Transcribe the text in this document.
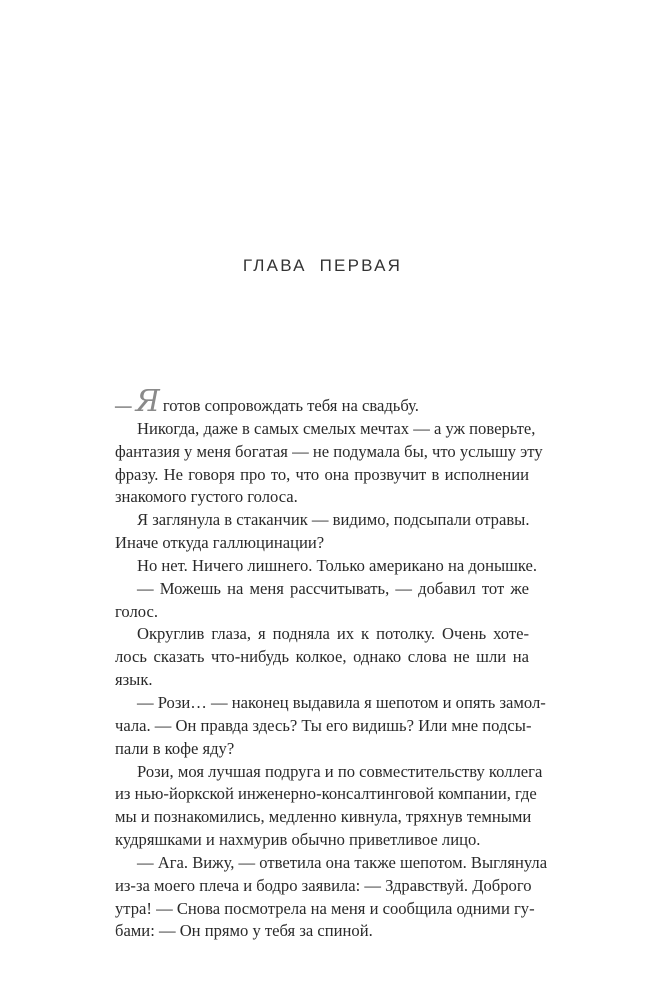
ГЛАВА ПЕРВАЯ
— Я готов сопровождать тебя на свадьбу.
Никогда, даже в самых смелых мечтах — а уж поверьте,
фантазия у меня богатая — не подумала бы, что услышу эту
фразу. Не говоря про то, что она прозвучит в исполнении
знакомого густого голоса.
Я заглянула в стаканчик — видимо, подсыпали отравы.
Иначе откуда галлюцинации?
Но нет. Ничего лишнего. Только американо на донышке.
— Можешь на меня рассчитывать, — добавил тот же
голос.
Округлив глаза, я подняла их к потолку. Очень хоте-
лось сказать что-нибудь колкое, однако слова не шли на
язык.
— Рози… — наконец выдавила я шепотом и опять замол-
чала. — Он правда здесь? Ты его видишь? Или мне подсы-
пали в кофе яду?
Рози, моя лучшая подруга и по совместительству коллега
из нью-йоркской инженерно-консалтинговой компании, где
мы и познакомились, медленно кивнула, тряхнув темными
кудряшками и нахмурив обычно приветливое лицо.
— Ага. Вижу, — ответила она также шепотом. Выглянула
из-за моего плеча и бодро заявила: — Здравствуй. Доброго
утра! — Снова посмотрела на меня и сообщила одними гу-
бами: — Он прямо у тебя за спиной.
